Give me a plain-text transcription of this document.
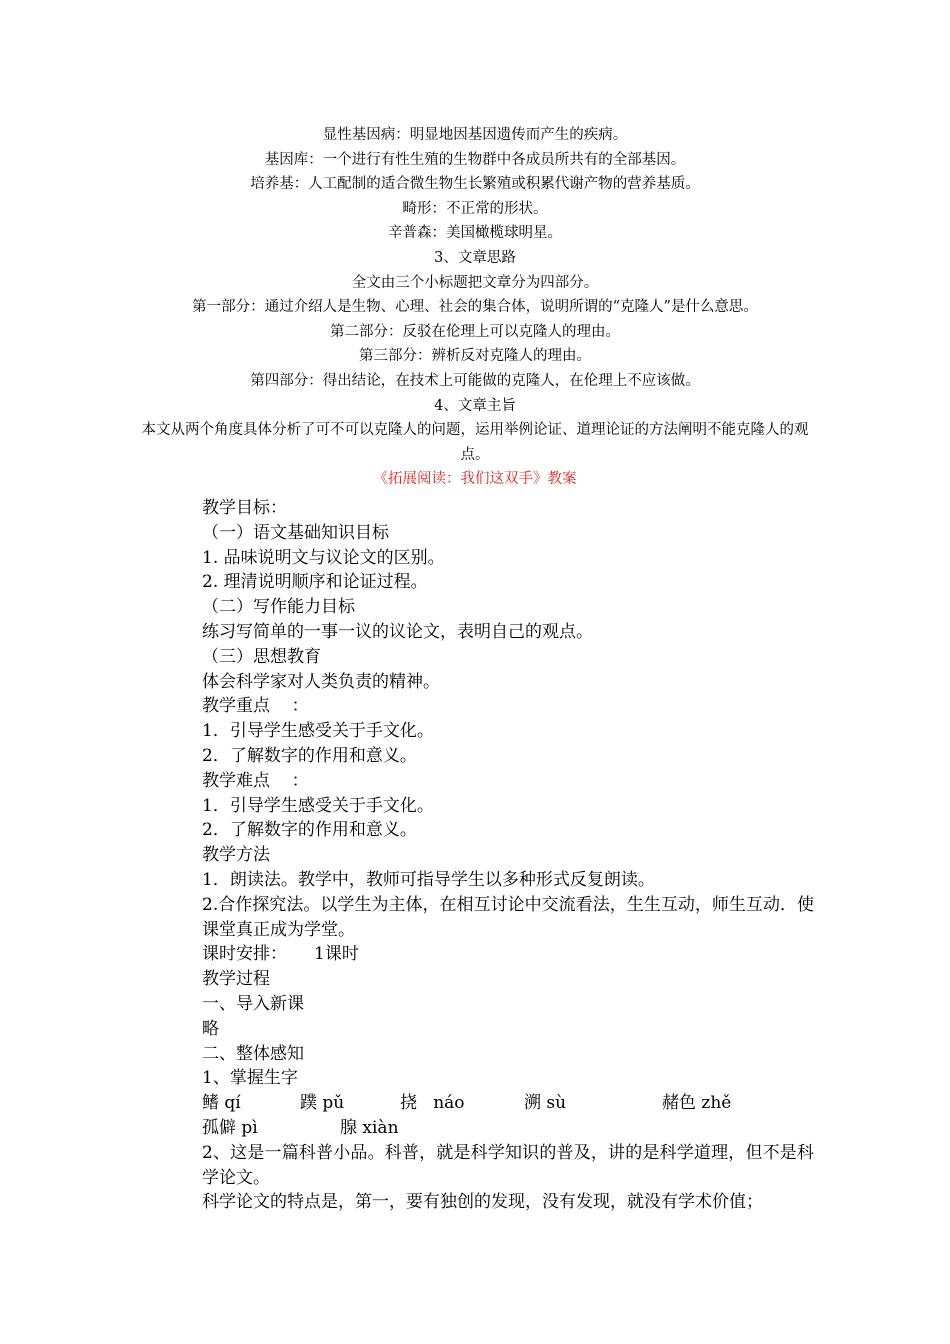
显性基因病：明显地因基因遗传而产生的疾病。
基因库：一个进行有性生殖的生物群中各成员所共有的全部基因。
培养基：人工配制的适合微生物生长繁殖或积累代谢产物的营养基质。
畸形：不正常的形状。
辛普森：美国橄榄球明星。
3、文章思路
全文由三个小标题把文章分为四部分。
第一部分：通过介绍人是生物、心理、社会的集合体，说明所谓的“克隆人”是什么意思。
第二部分：反驳在伦理上可以克隆人的理由。
第三部分：辨析反对克隆人的理由。
第四部分：得出结论，在技术上可能做的克隆人，在伦理上不应该做。
4、文章主旨
本文从两个角度具体分析了可不可以克隆人的问题，运用举例论证、道理论证的方法阐明不能克隆人的观点。
《拓展阅读：我们这双手》教案
教学目标：
（一）语文基础知识目标
1. 品味说明文与议论文的区别。
2. 理清说明顺序和论证过程。
（二）写作能力目标
练习写简单的一事一议的议论文，表明自己的观点。
（三）思想教育
体会科学家对人类负责的精神。
教学重点    ：
1．引导学生感受关于手文化。
2．了解数字的作用和意义。
教学难点    ：
1．引导学生感受关于手文化。
2．了解数字的作用和意义。
教学方法
1．朗读法。教学中，教师可指导学生以多种形式反复朗读。
2.合作探究法。以学生为主体，在相互讨论中交流看法，生生互动，师生互动．使课堂真正成为学堂。
课时安排：     1课时
教学过程
一、导入新课
略
二、整体感知
1、掌握生字
鳍 qí	蹼 pǔ	挠   náo	溯 sù	赭色 zhě
孤僻 pì	腺 xiàn
2、这是一篇科普小品。科普，就是科学知识的普及，讲的是科学道理，但不是科学论文。
科学论文的特点是，第一，要有独创的发现，没有发现，就没有学术价值；
